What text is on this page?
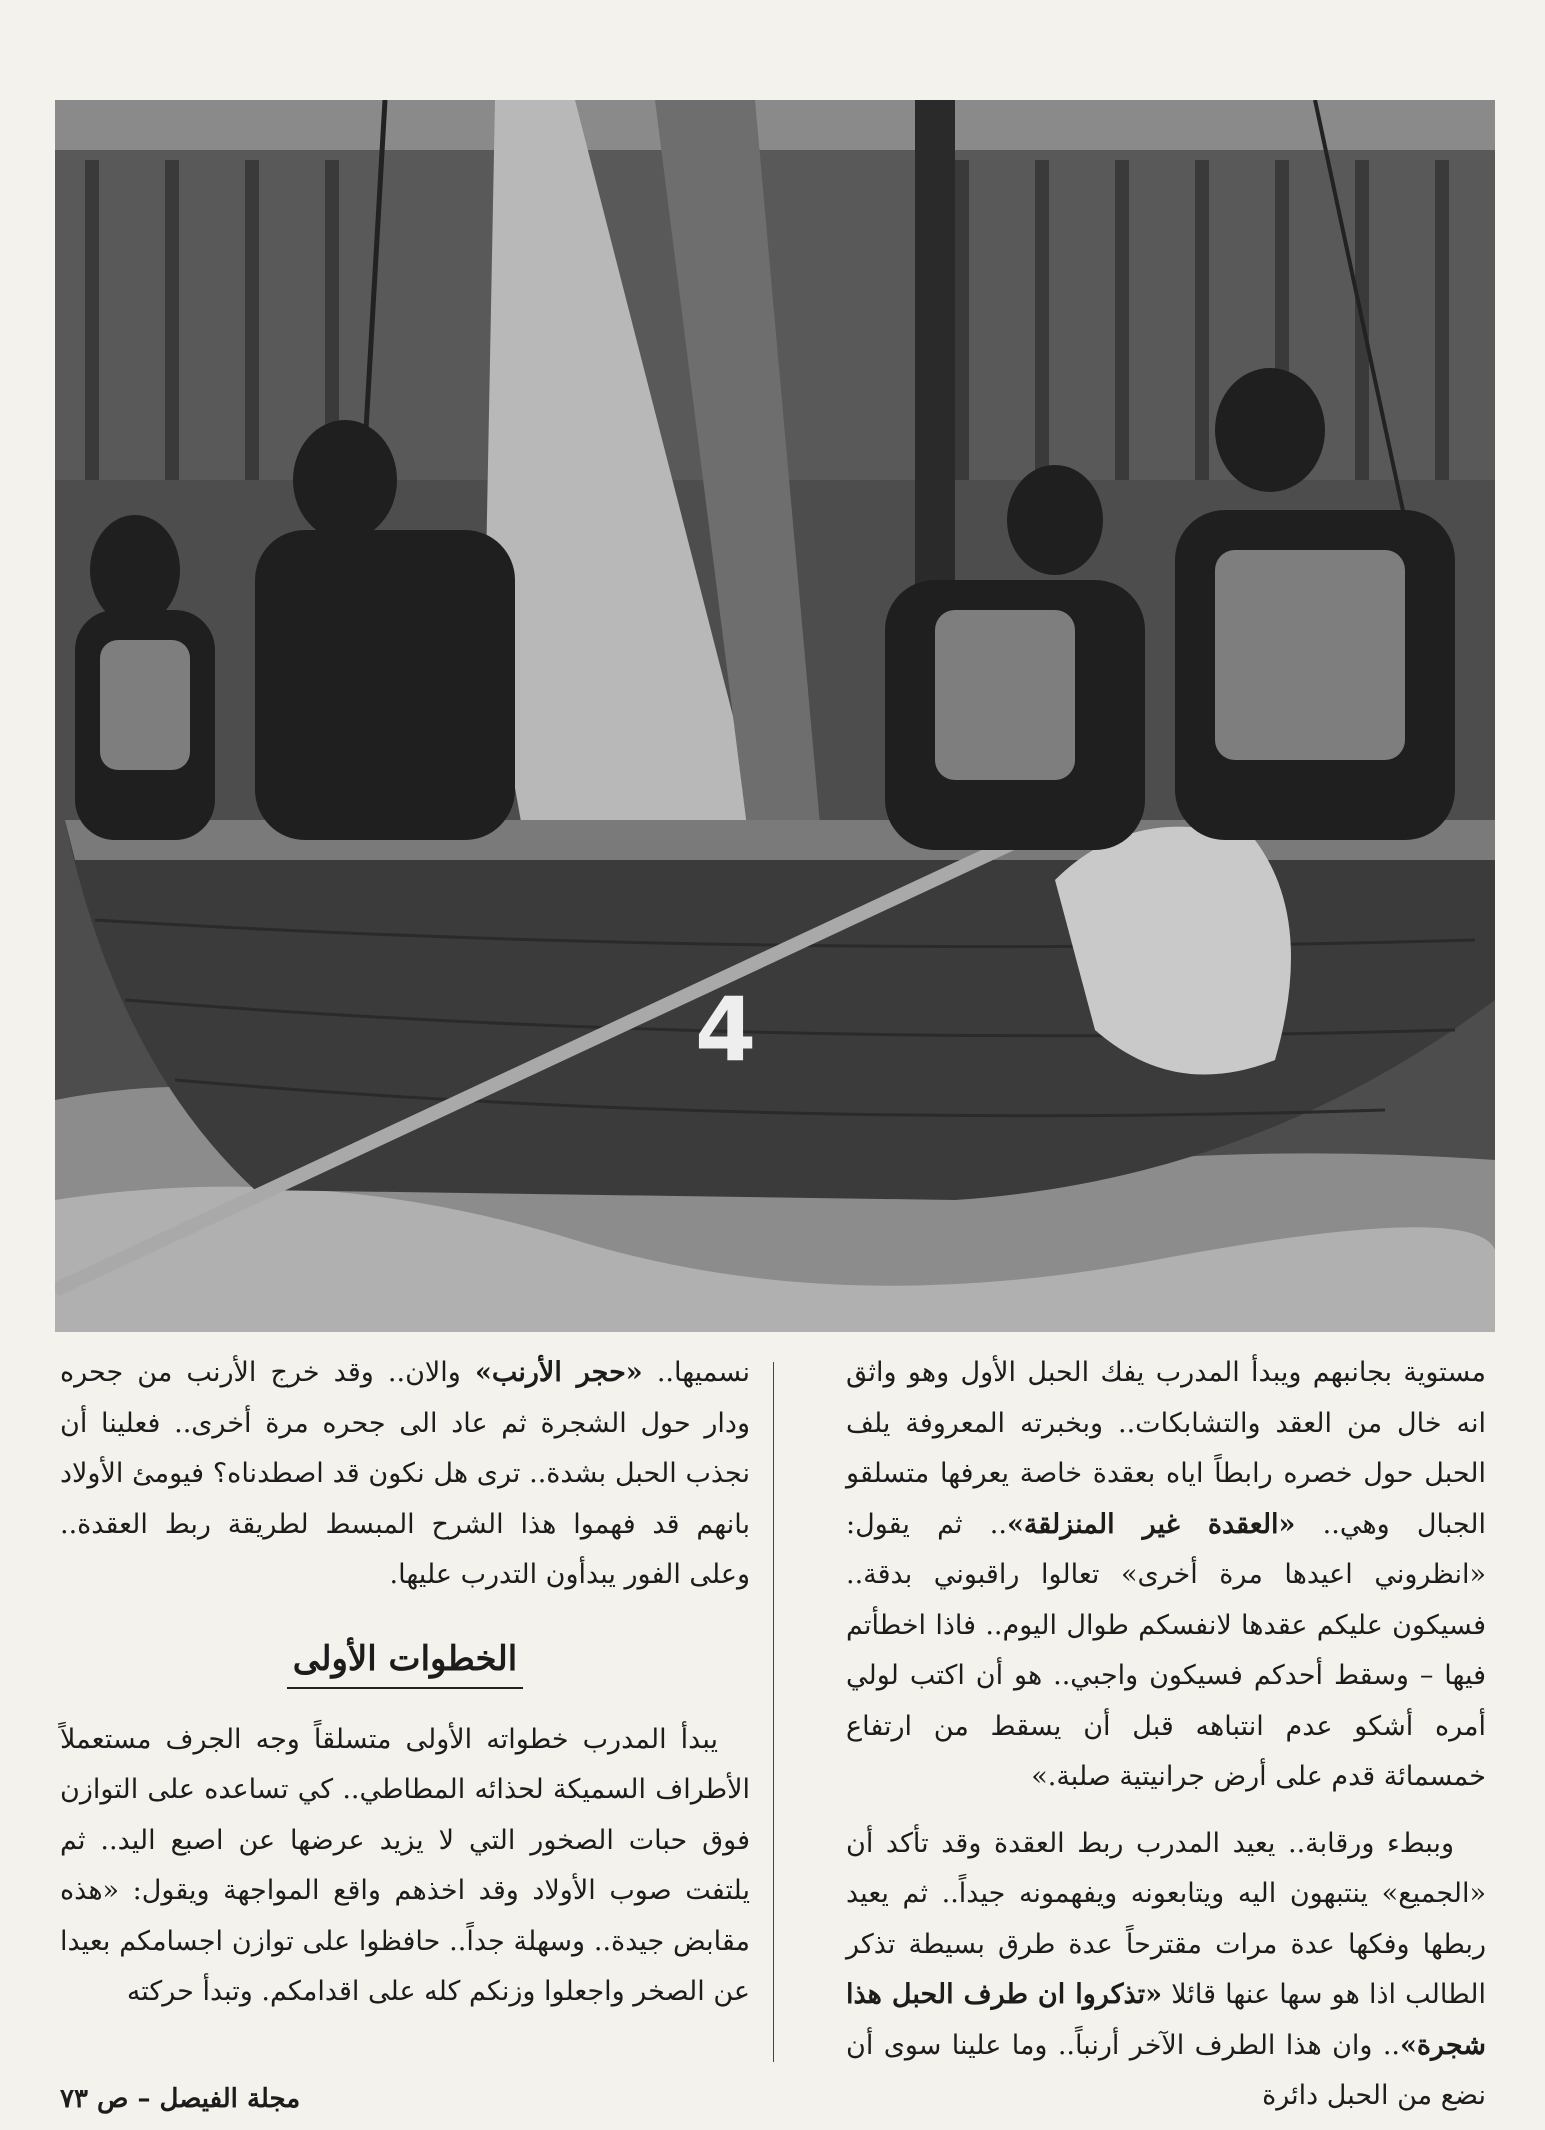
4

مستوية بجانبهم ويبدأ المدرب يفك الحبل الأول وهو واثق انه خال من العقد والتشابكات.. وبخبرته المعروفة يلف الحبل حول خصره رابطاً اياه بعقدة خاصة يعرفها متسلقو الجبال وهي.. «العقدة غير المنزلقة».. ثم يقول: «انظروني اعيدها مرة أخرى» تعالوا راقبوني بدقة.. فسيكون عليكم عقدها لانفسكم طوال اليوم.. فاذا اخطأتم فيها – وسقط أحدكم فسيكون واجبي.. هو أن اكتب لولي أمره أشكو عدم انتباهه قبل أن يسقط من ارتفاع خمسمائة قدم على أرض جرانيتية صلبة.»

وببطء ورقابة.. يعيد المدرب ربط العقدة وقد تأكد أن «الجميع» ينتبهون اليه ويتابعونه ويفهمونه جيداً.. ثم يعيد ربطها وفكها عدة مرات مقترحاً عدة طرق بسيطة تذكر الطالب اذا هو سها عنها قائلا «تذكروا ان طرف الحبل هذا شجرة».. وان هذا الطرف الآخر أرنباً.. وما علينا سوى أن نضع من الحبل دائرة

نسميها.. «حجر الأرنب» والان.. وقد خرج الأرنب من جحره ودار حول الشجرة ثم عاد الى جحره مرة أخرى.. فعلينا أن نجذب الحبل بشدة.. ترى هل نكون قد اصطدناه؟ فيومئ الأولاد بانهم قد فهموا هذا الشرح المبسط لطريقة ربط العقدة.. وعلى الفور يبدأون التدرب عليها.

الخطوات الأولى

يبدأ المدرب خطواته الأولى متسلقاً وجه الجرف مستعملاً الأطراف السميكة لحذائه المطاطي.. كي تساعده على التوازن فوق حبات الصخور التي لا يزيد عرضها عن اصبع اليد.. ثم يلتفت صوب الأولاد وقد اخذهم واقع المواجهة ويقول: «هذه مقابض جيدة.. وسهلة جداً.. حافظوا على توازن اجسامكم بعيدا عن الصخر واجعلوا وزنكم كله على اقدامكم. وتبدأ حركته

مجلة الفيصل – ص ٧٣
